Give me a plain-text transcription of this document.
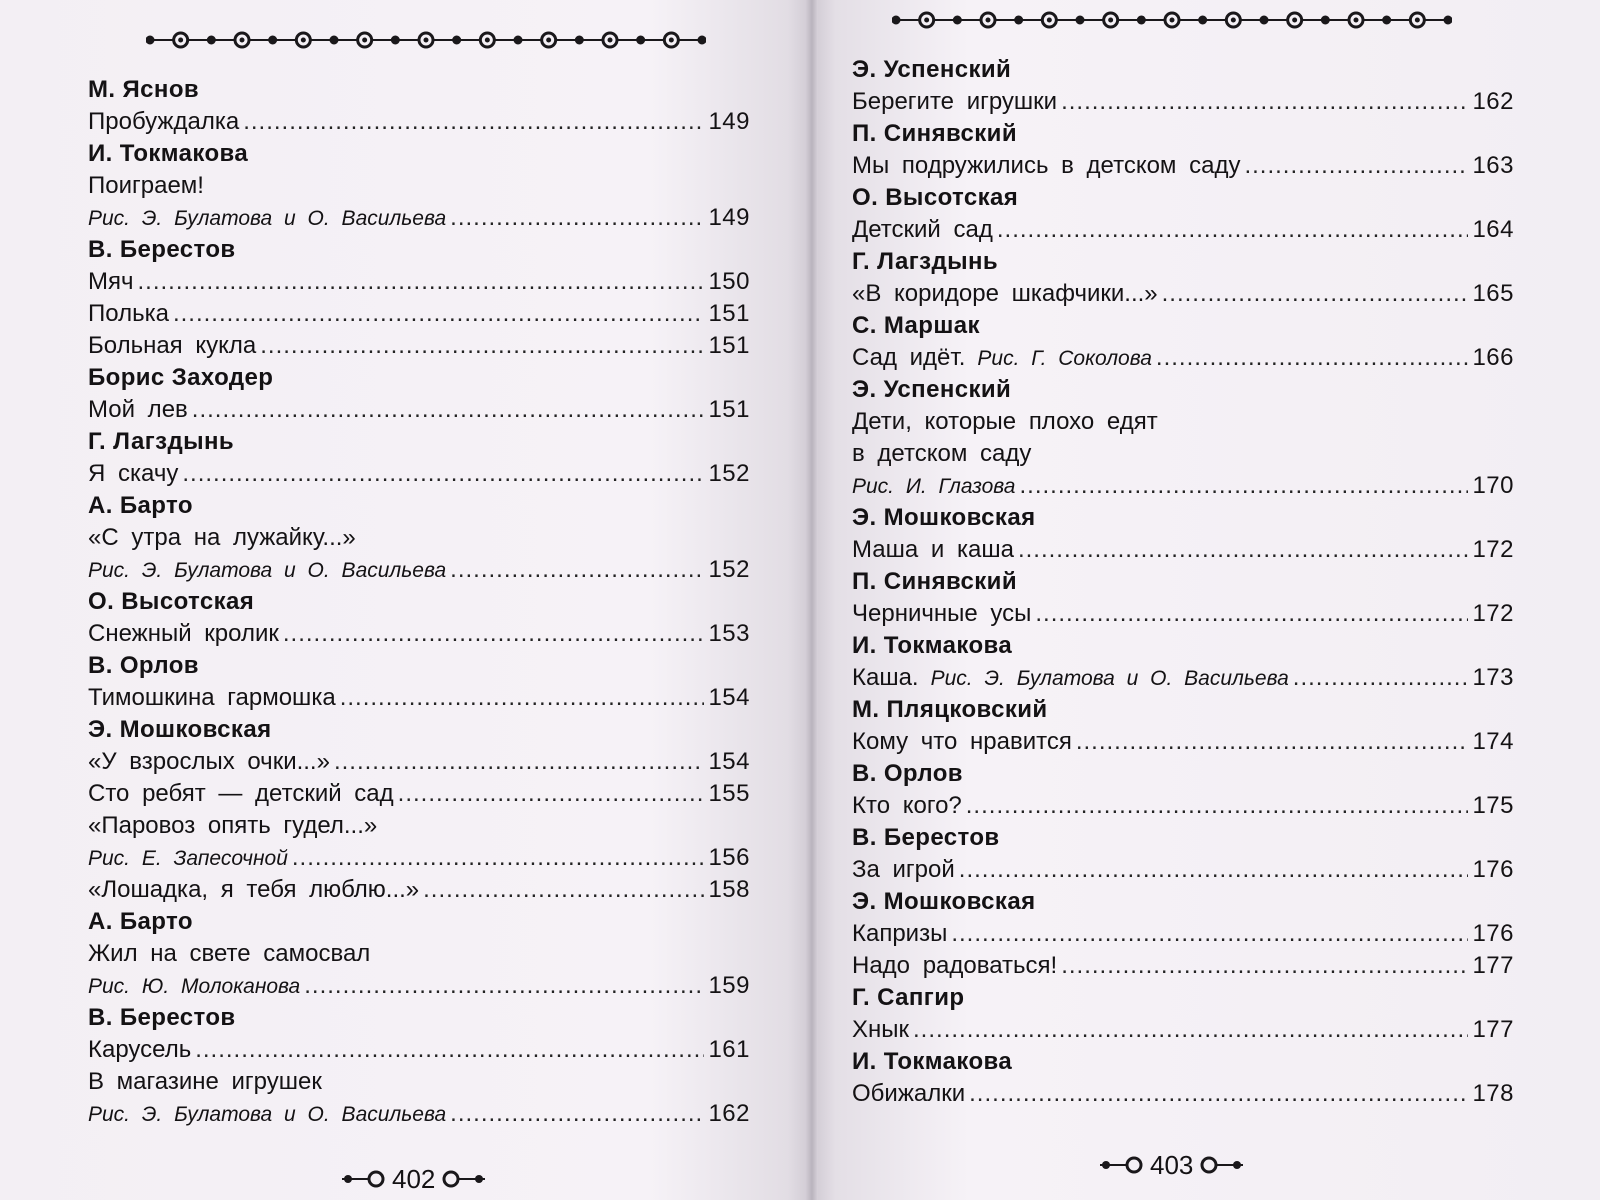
М. Яснов
Пробуждалка .....	149
И. Токмакова
Поиграем!
Рис. Э. Булатова и О. Васильева .....	149
В. Берестов
Мяч .....	150
Полька .....	151
Больная кукла .....	151
Борис Заходер
Мой лев .....	151
Г. Лагздынь
Я скачу .....	152
А. Барто
«С утра на лужайку...»
Рис. Э. Булатова и О. Васильева .....	152
О. Высотская
Снежный кролик .....	153
В. Орлов
Тимошкина гармошка .....	154
Э. Мошковская
«У взрослых очки...» .....	154
Сто ребят — детский сад .....	155
«Паровоз опять гудел...»
Рис. Е. Запесочной .....	156
«Лошадка, я тебя люблю...» .....	158
А. Барто
Жил на свете самосвал
Рис. Ю. Молоканова .....	159
В. Берестов
Карусель .....	161
В магазине игрушек
Рис. Э. Булатова и О. Васильева .....	162
402
Э. Успенский
Берегите игрушки .....	162
П. Синявский
Мы подружились в детском саду .....	163
О. Высотская
Детский сад .....	164
Г. Лагздынь
«В коридоре шкафчики...» .....	165
С. Маршак
Сад идёт. Рис. Г. Соколова .....	166
Э. Успенский
Дети, которые плохо едят
в детском саду
Рис. И. Глазова .....	170
Э. Мошковская
Маша и каша .....	172
П. Синявский
Черничные усы .....	172
И. Токмакова
Каша. Рис. Э. Булатова и О. Васильева .....	173
М. Пляцковский
Кому что нравится .....	174
В. Орлов
Кто кого? .....	175
В. Берестов
За игрой .....	176
Э. Мошковская
Капризы .....	176
Надо радоваться! .....	177
Г. Сапгир
Хнык .....	177
И. Токмакова
Обижалки .....	178
403
